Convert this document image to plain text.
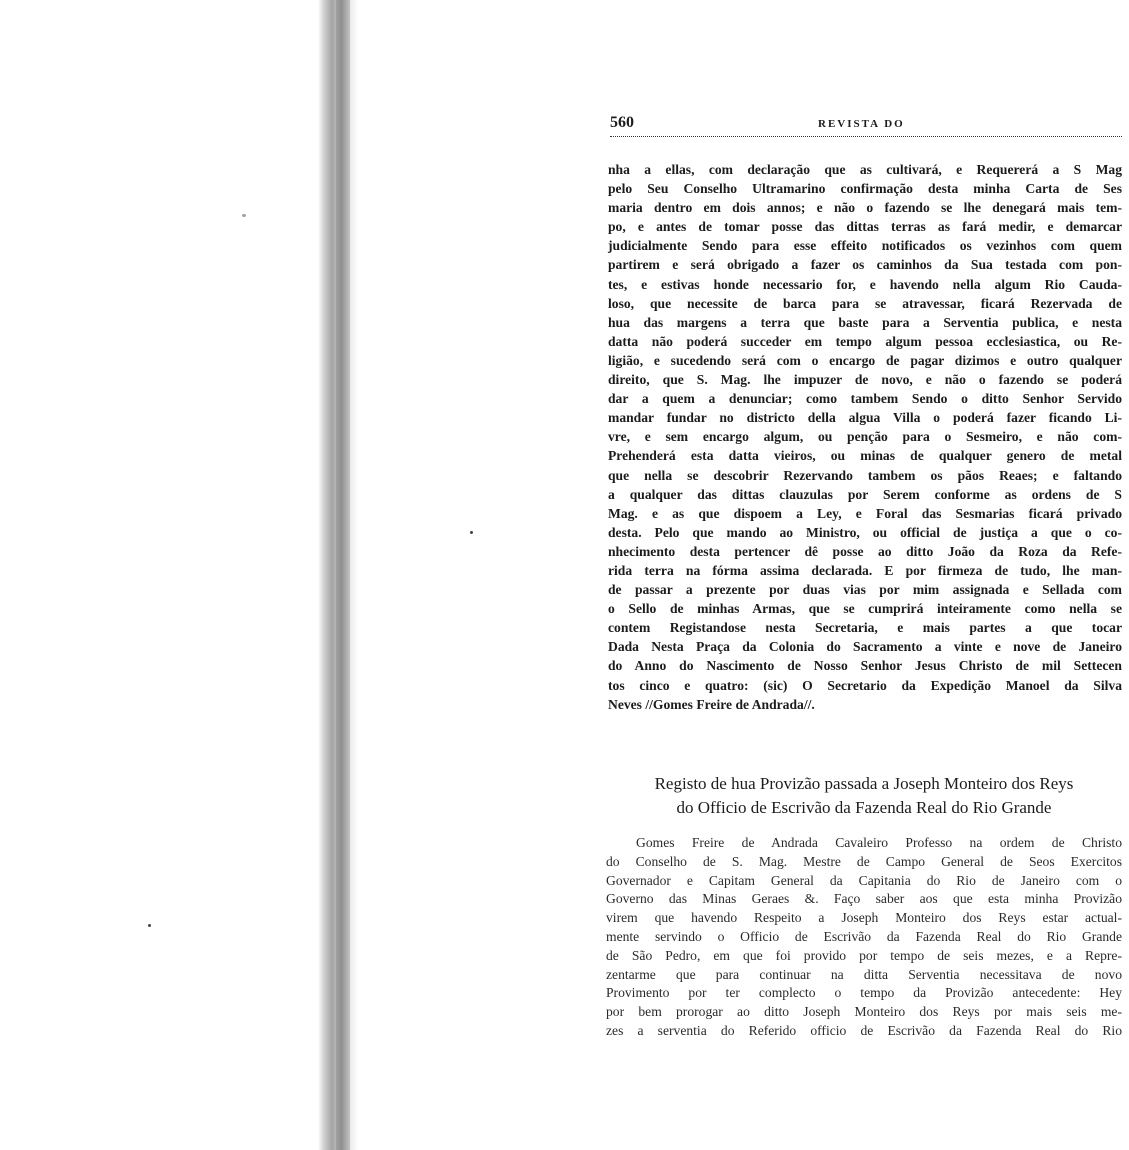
560	REVISTA DO
nha a ellas, com declaração que as cultivará, e Requererá a S Mag
pelo Seu Conselho Ultramarino confirmação desta minha Carta de Ses
maria dentro em dois annos; e não o fazendo se lhe denegará mais tem-
po, e antes de tomar posse das dittas terras as fará medir, e demarcar
judicialmente Sendo para esse effeito notificados os vezinhos com quem
partirem e será obrigado a fazer os caminhos da Sua testada com pon-
tes, e estivas honde necessario for, e havendo nella algum Rio Cauda-
loso, que necessite de barca para se atravessar, ficará Rezervada de
hua das margens a terra que baste para a Serventia publica, e nesta
datta não poderá succeder em tempo algum pessoa ecclesiastica, ou Re-
ligião, e sucedendo será com o encargo de pagar dizimos e outro qualquer
direito, que S. Mag. lhe impuzer de novo, e não o fazendo se poderá
dar a quem a denunciar; como tambem Sendo o ditto Senhor Servido
mandar fundar no districto della algua Villa o poderá fazer ficando Li-
vre, e sem encargo algum, ou penção para o Sesmeiro, e não com-
Prehenderá esta datta vieiros, ou minas de qualquer genero de metal
que nella se descobrir Rezervando tambem os pãos Reaes; e faltando
a qualquer das dittas clauzulas por Serem conforme as ordens de S
Mag. e as que dispoem a Ley, e Foral das Sesmarias ficará privado
desta. Pelo que mando ao Ministro, ou official de justiça a que o co-
nhecimento desta pertencer dê posse ao ditto João da Roza da Refe-
rida terra na fórma assima declarada. E por firmeza de tudo, lhe man-
de passar a prezente por duas vias por mim assignada e Sellada com
o Sello de minhas Armas, que se cumprirá inteiramente como nella se
contem Registandose nesta Secretaria, e mais partes a que tocar
Dada Nesta Praça da Colonia do Sacramento a vinte e nove de Janeiro
do Anno do Nascimento de Nosso Senhor Jesus Christo de mil Settecen
tos cinco e quatro: (sic) O Secretario da Expedição Manoel da Silva
Neves //Gomes Freire de Andrada//.
Registo de hua Provizão passada a Joseph Monteiro dos Reys
do Officio de Escrivão da Fazenda Real do Rio Grande
Gomes Freire de Andrada Cavaleiro Professo na ordem de Christo
do Conselho de S. Mag. Mestre de Campo General de Seos Exercitos
Governador e Capitam General da Capitania do Rio de Janeiro com o
Governo das Minas Geraes &. Faço saber aos que esta minha Provizão
virem que havendo Respeito a Joseph Monteiro dos Reys estar actual-
mente servindo o Officio de Escrivão da Fazenda Real do Rio Grande
de São Pedro, em que foi provido por tempo de seis mezes, e a Repre-
zentarme que para continuar na ditta Serventia necessitava de novo
Provimento por ter complecto o tempo da Provizão antecedente: Hey
por bem prorogar ao ditto Joseph Monteiro dos Reys por mais seis me-
zes a serventia do Referido officio de Escrivão da Fazenda Real do Rio
